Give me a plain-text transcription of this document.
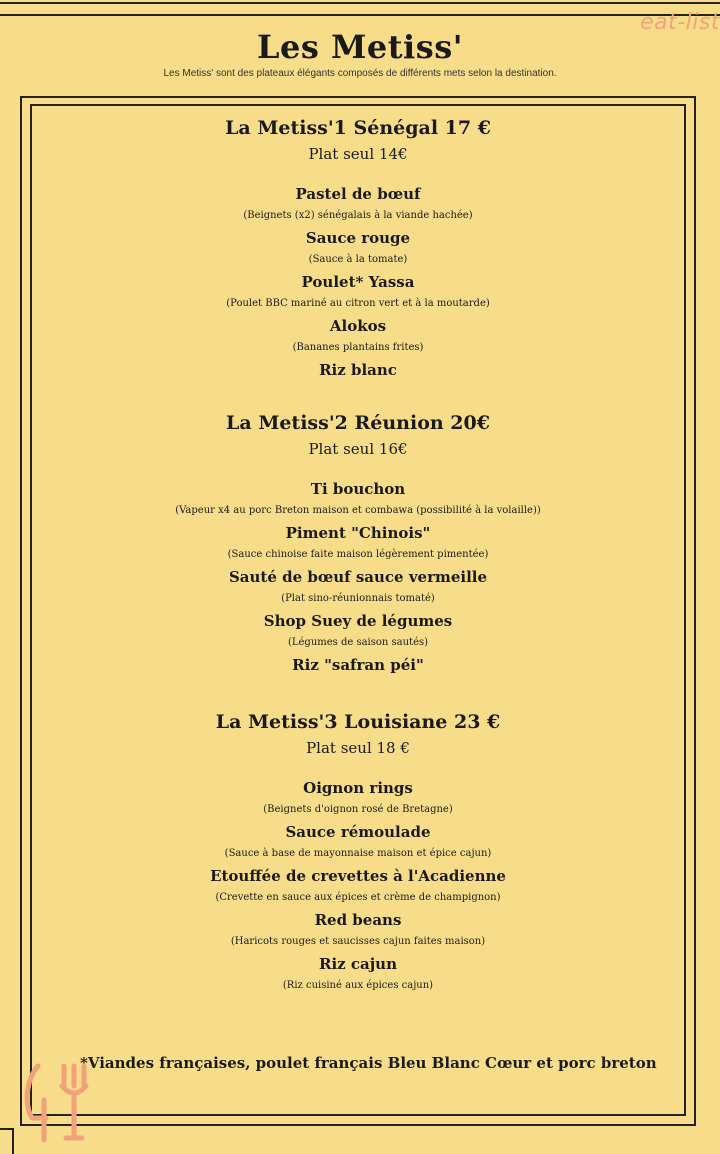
eat-list
Les Metiss'
Les Metiss' sont des plateaux élégants composés de différents mets selon la destination.
La Metiss'1 Sénégal 17 €
Plat seul 14€
Pastel de bœuf
(Beignets (x2) sénégalais à la viande hachée)
Sauce rouge
(Sauce à la tomate)
Poulet* Yassa
(Poulet BBC mariné au citron vert et à la moutarde)
Alokos
(Bananes plantains frites)
Riz blanc
La Metiss'2 Réunion 20€
Plat seul 16€
Ti bouchon
(Vapeur x4 au porc Breton maison et combawa (possibilité à la volaille))
Piment "Chinois"
(Sauce chinoise faite maison légèrement pimentée)
Sauté de bœuf sauce vermeille
(Plat sino-réunionnais tomaté)
Shop Suey de légumes
(Légumes de saison sautés)
Riz "safran péi"
La Metiss'3 Louisiane 23 €
Plat seul 18 €
Oignon rings
(Beignets d'oignon rosé de Bretagne)
Sauce rémoulade
(Sauce à base de mayonnaise maison et épice cajun)
Etouffée de crevettes à l'Acadienne
(Crevette en sauce aux épices et crème de champignon)
Red beans
(Haricots rouges et saucisses cajun faites maison)
Riz cajun
(Riz cuisiné aux épices cajun)
*Viandes françaises, poulet français Bleu Blanc Cœur et porc breton
